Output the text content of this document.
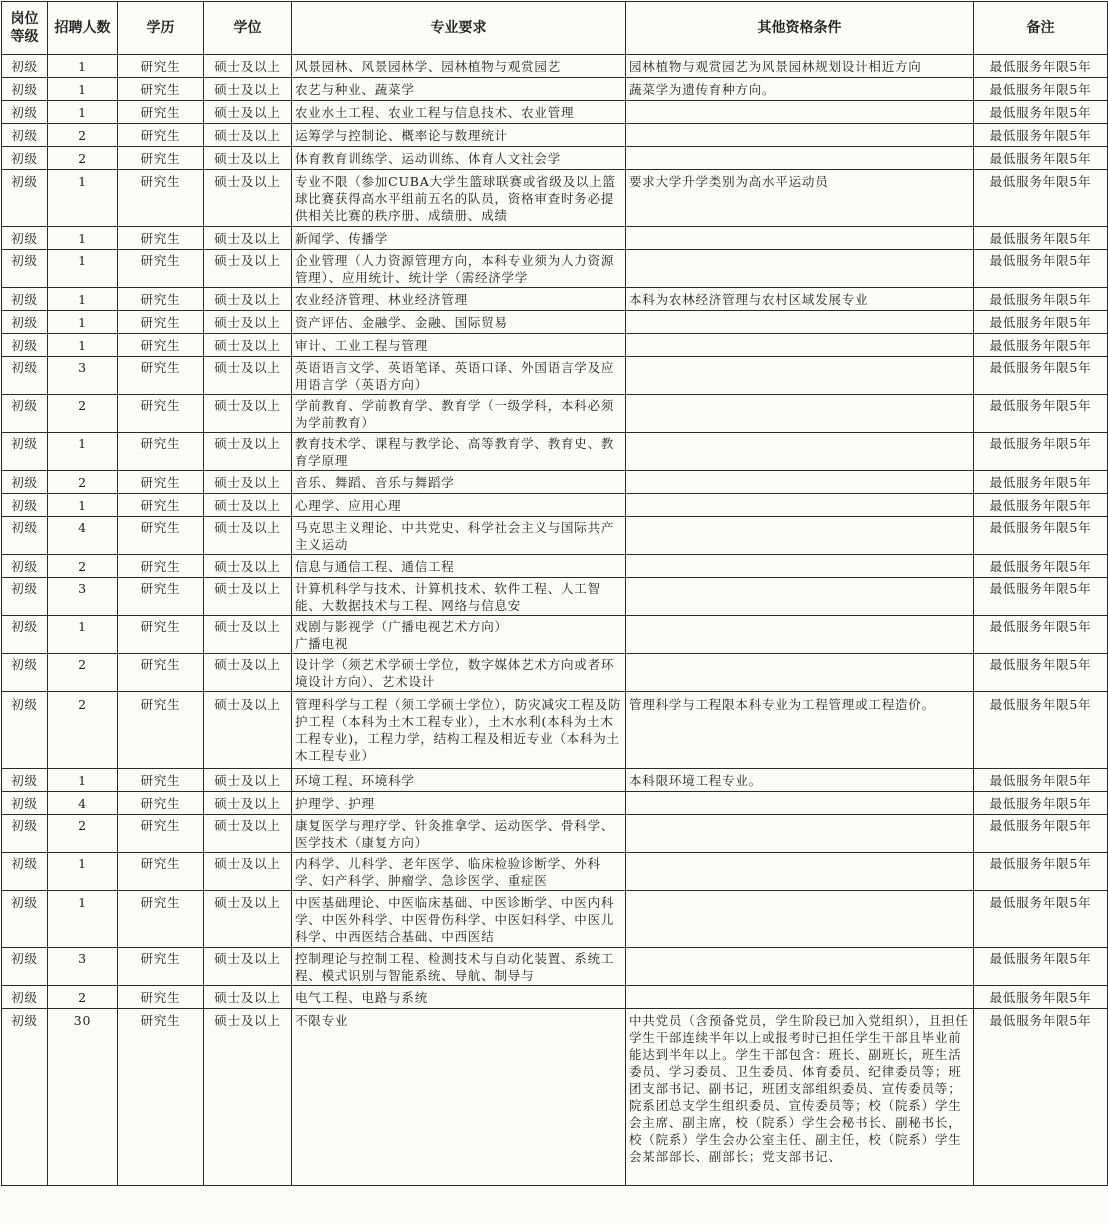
岗位
等级	招聘人数	学历	学位	专业要求	其他资格条件	备注

初级	1	研究生	硕士及以上	风景园林、风景园林学、园林植物与观赏园艺	园林植物与观赏园艺为风景园林规划设计相近方向	最低服务年限5年

初级	1	研究生	硕士及以上	农艺与种业、蔬菜学	蔬菜学为遗传育种方向。	最低服务年限5年

初级	1	研究生	硕士及以上	农业水土工程、农业工程与信息技术、农业管理		最低服务年限5年

初级	2	研究生	硕士及以上	运筹学与控制论、概率论与数理统计		最低服务年限5年

初级	2	研究生	硕士及以上	体育教育训练学、运动训练、体育人文社会学		最低服务年限5年

初级	1	研究生	硕士及以上	专业不限（参加CUBA大学生篮球联赛或省级及以上篮球比赛获得高水平组前五名的队员，资格审查时务必提供相关比赛的秩序册、成绩册、成绩	要求大学升学类别为高水平运动员	最低服务年限5年

初级	1	研究生	硕士及以上	新闻学、传播学		最低服务年限5年

初级	1	研究生	硕士及以上	企业管理（人力资源管理方向，本科专业须为人力资源管理）、应用统计、统计学（需经济学学		最低服务年限5年

初级	1	研究生	硕士及以上	农业经济管理、林业经济管理	本科为农林经济管理与农村区域发展专业	最低服务年限5年

初级	1	研究生	硕士及以上	资产评估、金融学、金融、国际贸易		最低服务年限5年

初级	1	研究生	硕士及以上	审计、工业工程与管理		最低服务年限5年

初级	3	研究生	硕士及以上	英语语言文学、英语笔译、英语口译、外国语言学及应用语言学（英语方向）		最低服务年限5年

初级	2	研究生	硕士及以上	学前教育、学前教育学、教育学（一级学科，本科必须为学前教育）		最低服务年限5年

初级	1	研究生	硕士及以上	教育技术学、课程与教学论、高等教育学、教育史、教育学原理		最低服务年限5年

初级	2	研究生	硕士及以上	音乐、舞蹈、音乐与舞蹈学		最低服务年限5年

初级	1	研究生	硕士及以上	心理学、应用心理		最低服务年限5年

初级	4	研究生	硕士及以上	马克思主义理论、中共党史、科学社会主义与国际共产主义运动		最低服务年限5年

初级	2	研究生	硕士及以上	信息与通信工程、通信工程		最低服务年限5年

初级	3	研究生	硕士及以上	计算机科学与技术、计算机技术、软件工程、人工智能、大数据技术与工程、网络与信息安		最低服务年限5年

初级	1	研究生	硕士及以上	戏剧与影视学（广播电视艺术方向）
广播电视		最低服务年限5年

初级	2	研究生	硕士及以上	设计学（须艺术学硕士学位，数字媒体艺术方向或者环境设计方向）、艺术设计		最低服务年限5年

初级	2	研究生	硕士及以上	管理科学与工程（须工学硕士学位），防灾减灾工程及防护工程（本科为土木工程专业），土木水利(本科为土木工程专业)，工程力学，结构工程及相近专业（本科为土木工程专业）	管理科学与工程限本科专业为工程管理或工程造价。	最低服务年限5年

初级	1	研究生	硕士及以上	环境工程、环境科学	本科限环境工程专业。	最低服务年限5年

初级	4	研究生	硕士及以上	护理学、护理		最低服务年限5年

初级	2	研究生	硕士及以上	康复医学与理疗学、针灸推拿学、运动医学、骨科学、医学技术（康复方向）		最低服务年限5年

初级	1	研究生	硕士及以上	内科学、儿科学、老年医学、临床检验诊断学、外科学、妇产科学、肿瘤学、急诊医学、重症医		最低服务年限5年

初级	1	研究生	硕士及以上	中医基础理论、中医临床基础、中医诊断学、中医内科学、中医外科学、中医骨伤科学、中医妇科学、中医儿科学、中西医结合基础、中西医结		最低服务年限5年

初级	3	研究生	硕士及以上	控制理论与控制工程、检测技术与自动化装置、系统工程、模式识别与智能系统、导航、制导与		最低服务年限5年

初级	2	研究生	硕士及以上	电气工程、电路与系统		最低服务年限5年

初级	30	研究生	硕士及以上	不限专业	中共党员（含预备党员，学生阶段已加入党组织），且担任学生干部连续半年以上或报考时已担任学生干部且毕业前能达到半年以上。学生干部包含：班长、副班长，班生活委员、学习委员、卫生委员、体育委员、纪律委员等；班团支部书记、副书记，班团支部组织委员、宣传委员等；院系团总支学生组织委员、宣传委员等；校（院系）学生会主席、副主席，校（院系）学生会秘书长、副秘书长，校（院系）学生会办公室主任、副主任，校（院系）学生会某部部长、副部长；党支部书记、	最低服务年限5年
